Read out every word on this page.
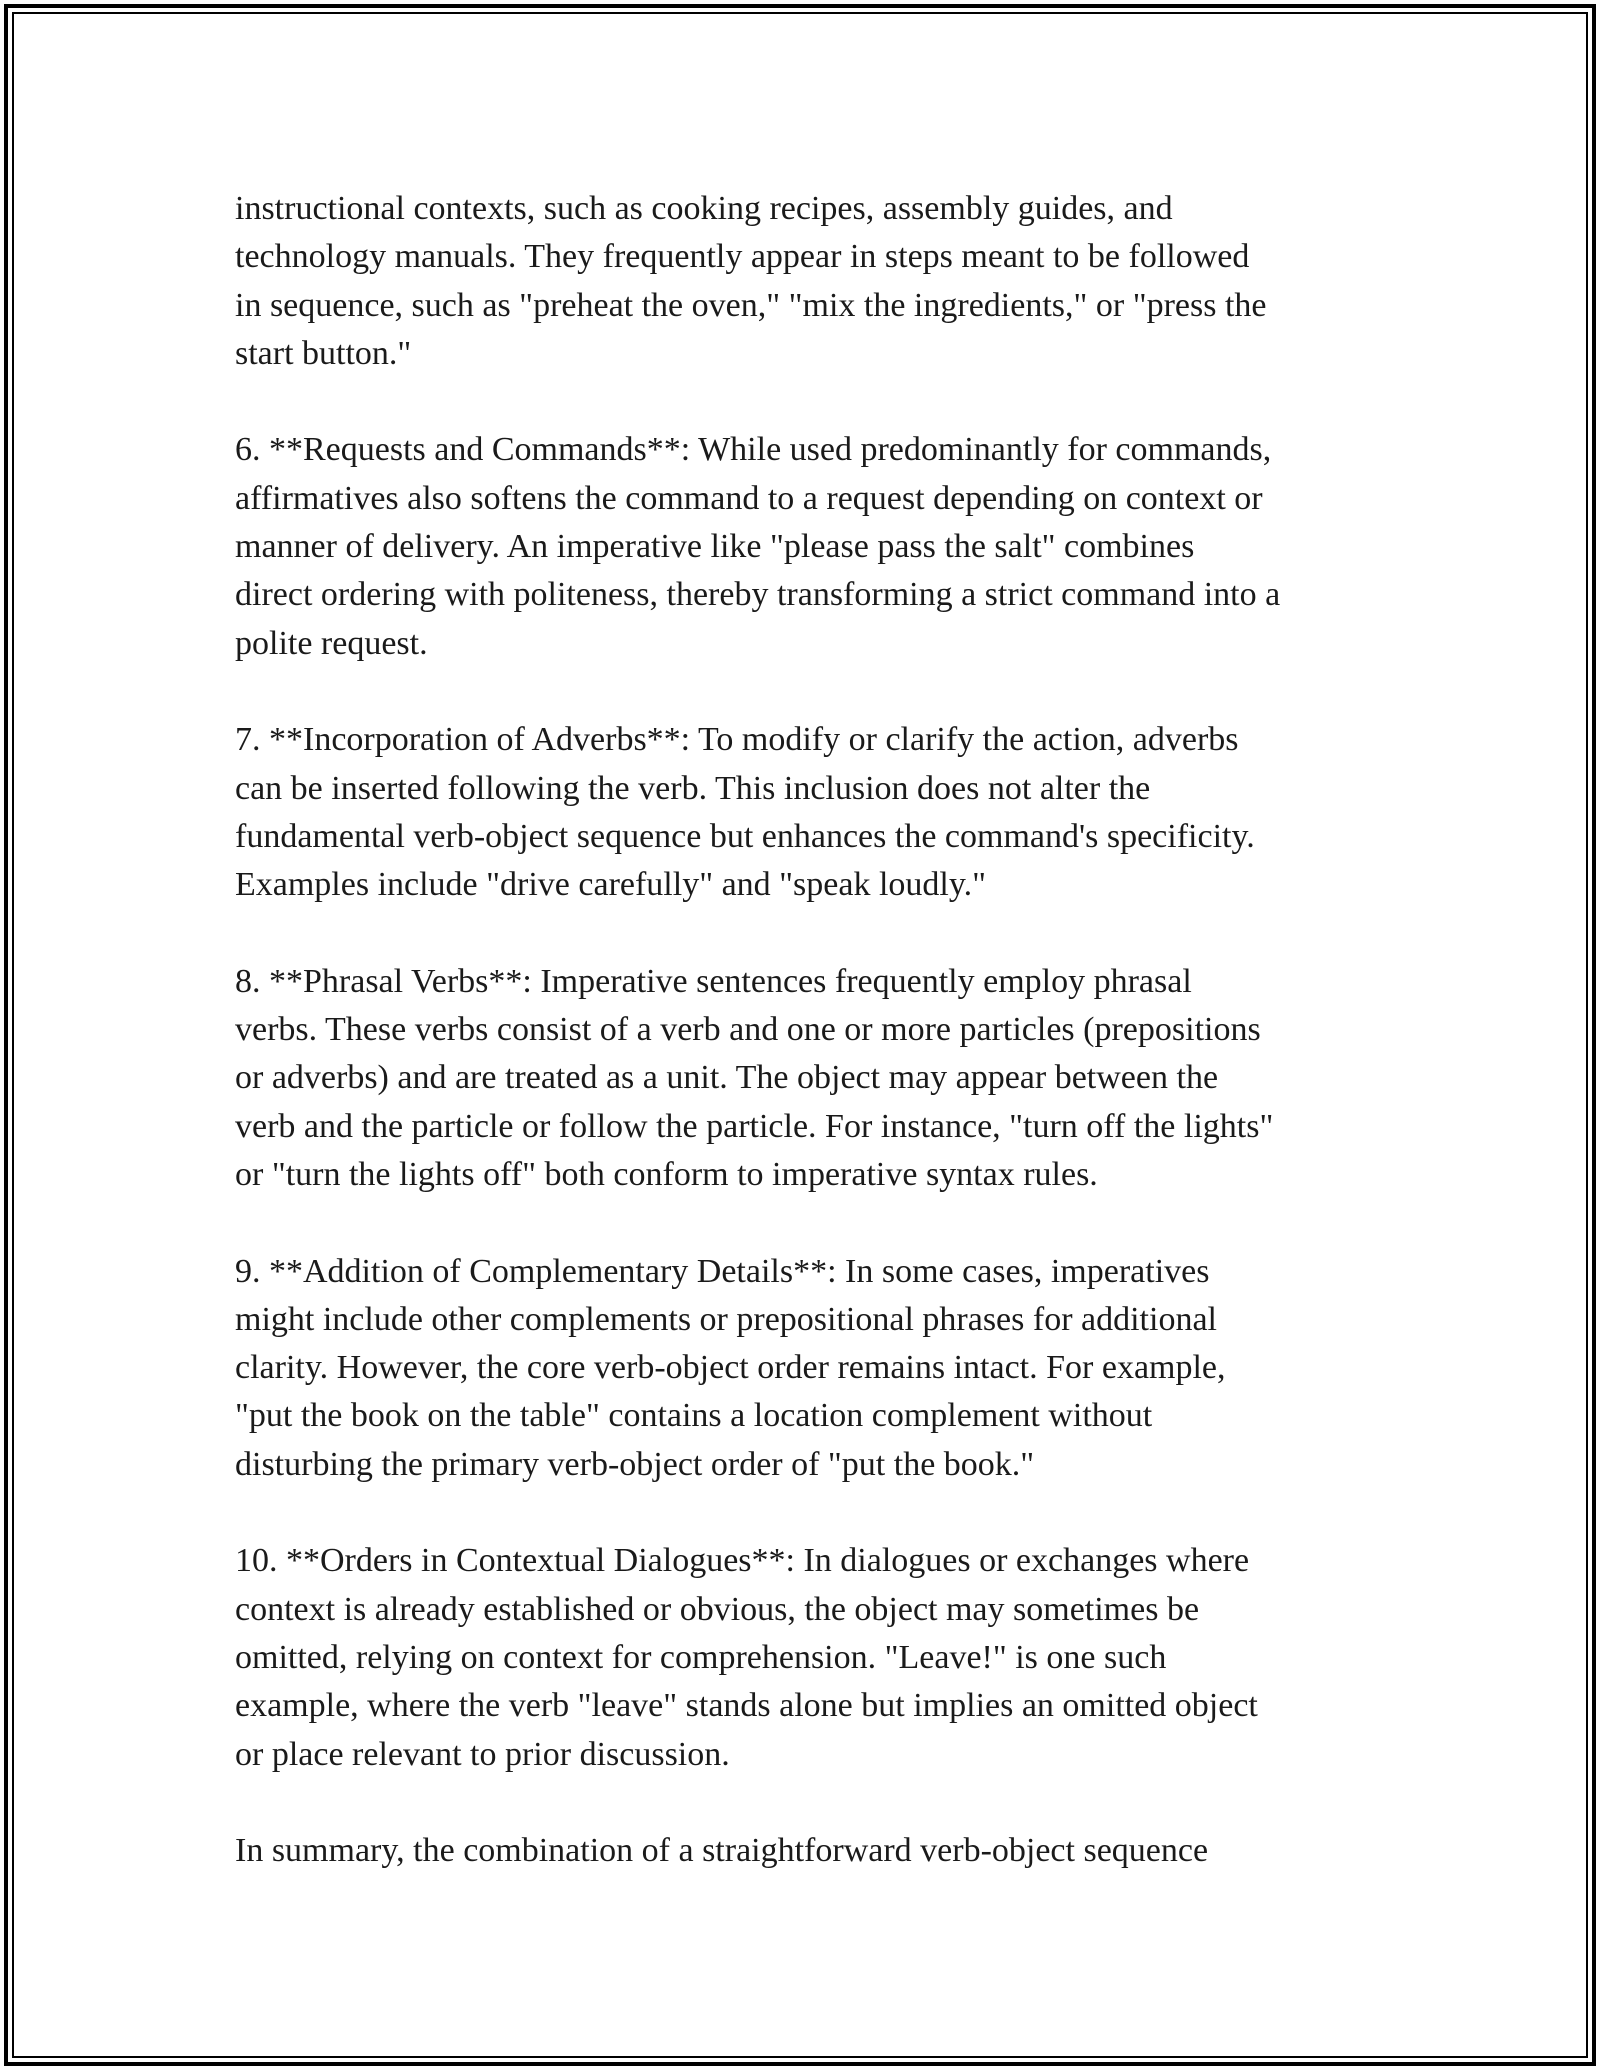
instructional contexts, such as cooking recipes, assembly guides, and
technology manuals. They frequently appear in steps meant to be followed
in sequence, such as "preheat the oven," "mix the ingredients," or "press the
start button."

6. **Requests and Commands**: While used predominantly for commands,
affirmatives also softens the command to a request depending on context or
manner of delivery. An imperative like "please pass the salt" combines
direct ordering with politeness, thereby transforming a strict command into a
polite request.

7. **Incorporation of Adverbs**: To modify or clarify the action, adverbs
can be inserted following the verb. This inclusion does not alter the
fundamental verb-object sequence but enhances the command's specificity.
Examples include "drive carefully" and "speak loudly."

8. **Phrasal Verbs**: Imperative sentences frequently employ phrasal
verbs. These verbs consist of a verb and one or more particles (prepositions
or adverbs) and are treated as a unit. The object may appear between the
verb and the particle or follow the particle. For instance, "turn off the lights"
or "turn the lights off" both conform to imperative syntax rules.

9. **Addition of Complementary Details**: In some cases, imperatives
might include other complements or prepositional phrases for additional
clarity. However, the core verb-object order remains intact. For example,
"put the book on the table" contains a location complement without
disturbing the primary verb-object order of "put the book."

10. **Orders in Contextual Dialogues**: In dialogues or exchanges where
context is already established or obvious, the object may sometimes be
omitted, relying on context for comprehension. "Leave!" is one such
example, where the verb "leave" stands alone but implies an omitted object
or place relevant to prior discussion.

In summary, the combination of a straightforward verb-object sequence
